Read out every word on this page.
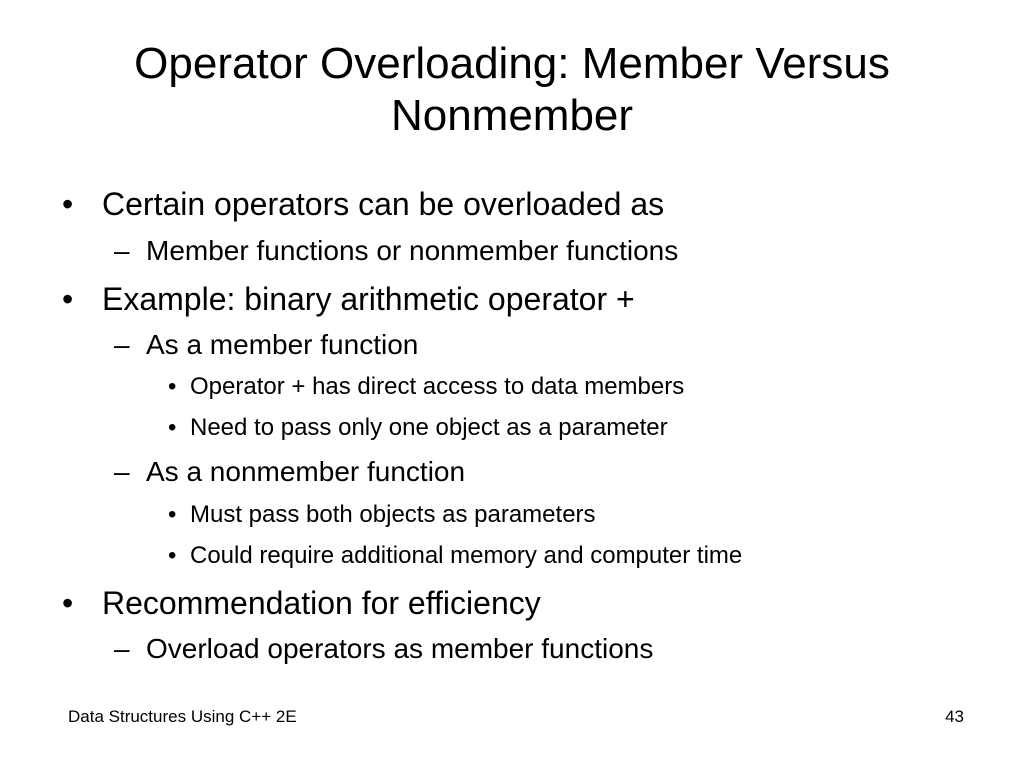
Operator Overloading: Member Versus
Nonmember
• Certain operators can be overloaded as
– Member functions or nonmember functions
• Example: binary arithmetic operator +
– As a member function
• Operator + has direct access to data members
• Need to pass only one object as a parameter
– As a nonmember function
• Must pass both objects as parameters
• Could require additional memory and computer time
• Recommendation for efficiency
– Overload operators as member functions
Data Structures Using C++ 2E	43
